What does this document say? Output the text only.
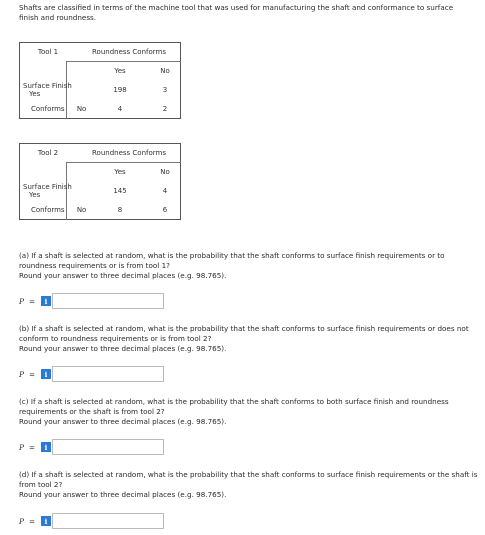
Shafts are classified in terms of the machine tool that was used for manufacturing the shaft and conformance to surface finish and roundness.
Tool 1	Roundness Conforms		
		Yes	No
Surface Finish Yes		198	3
Conforms No		4	2
Tool 2	Roundness Conforms		
		Yes	No
Surface Finish Yes		145	4
Conforms No		8	6

(a) If a shaft is selected at random, what is the probability that the shaft conforms to surface finish requirements or to roundness requirements or is from tool 1?

Round your answer to three decimal places (e.g. 98.765).

P =	i

(b) If a shaft is selected at random, what is the probability that the shaft conforms to surface finish requirements or does not conform to roundness requirements or is from tool 2?

Round your answer to three decimal places (e.g. 98.765).

P =	i

(c) If a shaft is selected at random, what is the probability that the shaft conforms to both surface finish and roundness requirements or the shaft is from tool 2?

Round your answer to three decimal places (e.g. 98.765).

P =	i

(d) If a shaft is selected at random, what is the probability that the shaft conforms to surface finish requirements or the shaft is from tool 2?

Round your answer to three decimal places (e.g. 98.765).

P =	i
